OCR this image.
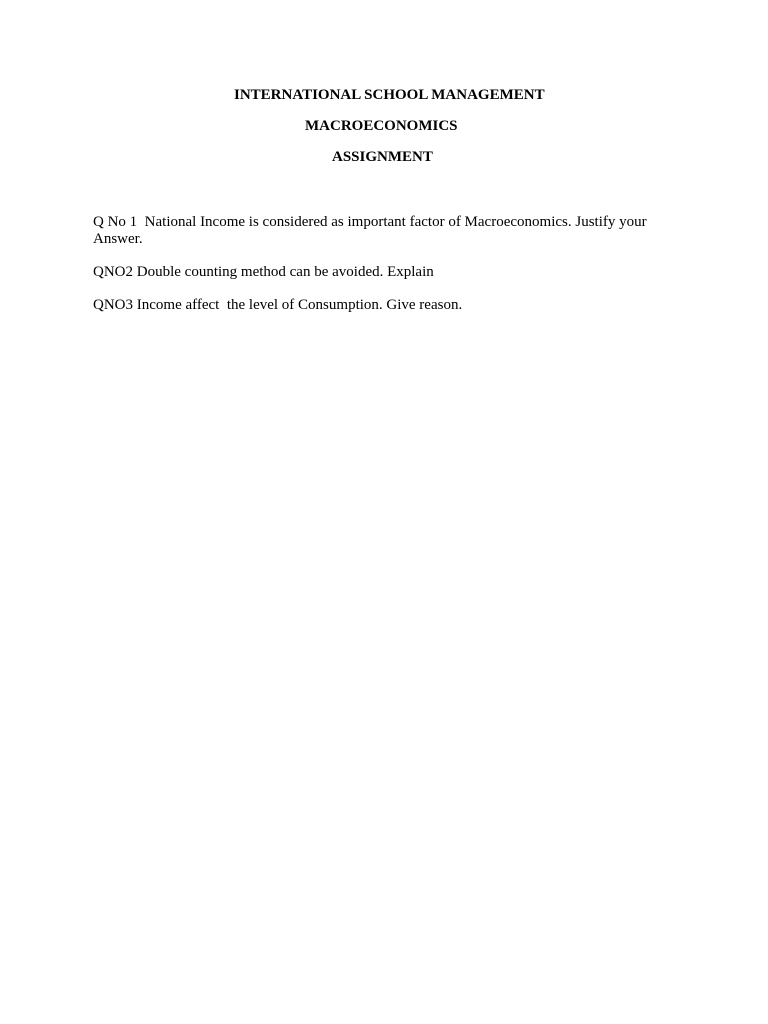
INTERNATIONAL SCHOOL MANAGEMENT
MACROECONOMICS
ASSIGNMENT

Q No 1  National Income is considered as important factor of Macroeconomics. Justify your Answer.

QNO2 Double counting method can be avoided. Explain

QNO3 Income affect  the level of Consumption. Give reason.
